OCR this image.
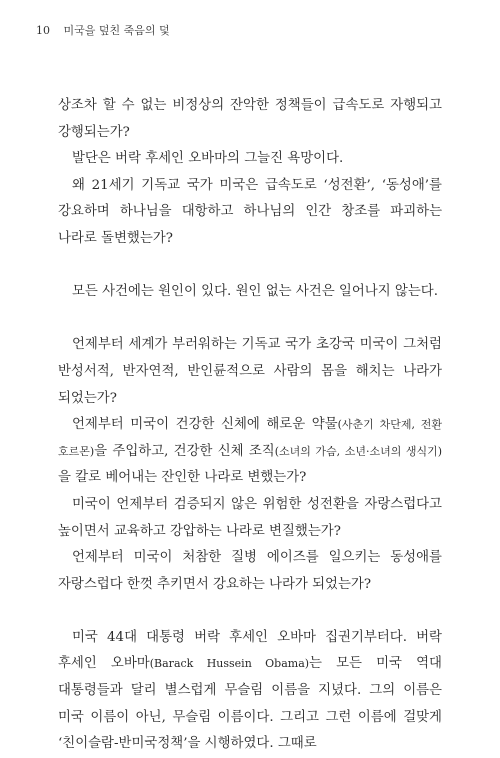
10 미국을 덮친 죽음의 덫

상조차 할 수 없는 비정상의 잔악한 정책들이 급속도로 자행되고 강행되는가?

발단은 버락 후세인 오바마의 그늘진 욕망이다.

왜 21세기 기독교 국가 미국은 급속도로 ‘성전환’, ‘동성애’를 강요하며 하나님을 대항하고 하나님의 인간 창조를 파괴하는 나라로 돌변했는가?

모든 사건에는 원인이 있다. 원인 없는 사건은 일어나지 않는다.

언제부터 세계가 부러워하는 기독교 국가 초강국 미국이 그처럼 반성서적, 반자연적, 반인륜적으로 사람의 몸을 해치는 나라가 되었는가?

언제부터 미국이 건강한 신체에 해로운 약물(사춘기 차단제, 전환 호르몬)을 주입하고, 건강한 신체 조직(소녀의 가슴, 소년·소녀의 생식기)을 칼로 베어내는 잔인한 나라로 변했는가?

미국이 언제부터 검증되지 않은 위험한 성전환을 자랑스럽다고 높이면서 교육하고 강압하는 나라로 변질했는가?

언제부터 미국이 처참한 질병 에이즈를 일으키는 동성애를 자랑스럽다 한껏 추키면서 강요하는 나라가 되었는가?

미국 44대 대통령 버락 후세인 오바마 집권기부터다. 버락 후세인 오바마(Barack Hussein Obama)는 모든 미국 역대 대통령들과 달리 별스럽게 무슬림 이름을 지녔다. 그의 이름은 미국 이름이 아닌, 무슬림 이름이다. 그리고 그런 이름에 걸맞게 ‘친이슬람-반미국정책’을 시행하였다. 그때로
